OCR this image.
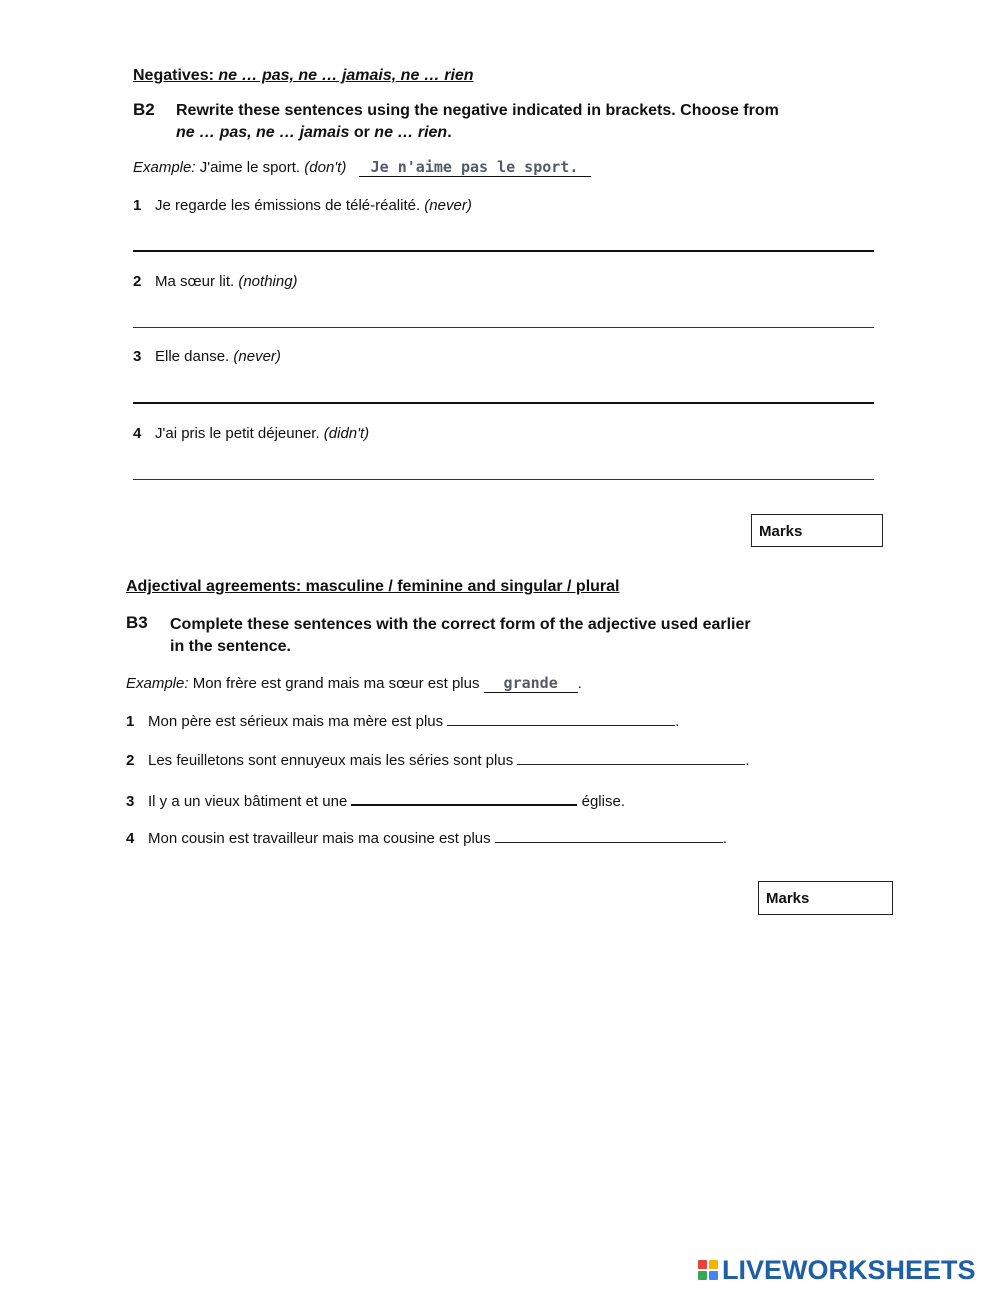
Negatives: ne … pas, ne … jamais, ne … rien
B2 Rewrite these sentences using the negative indicated in brackets. Choose from
ne … pas, ne … jamais or ne … rien.
Example: J'aime le sport. (don't) Je n'aime pas le sport.
1 Je regarde les émissions de télé-réalité. (never)
2 Ma sœur lit. (nothing)
3 Elle danse. (never)
4 J'ai pris le petit déjeuner. (didn't)
Marks
Adjectival agreements: masculine / feminine and singular / plural
B3 Complete these sentences with the correct form of the adjective used earlier
in the sentence.
Example: Mon frère est grand mais ma sœur est plus grande .
1 Mon père est sérieux mais ma mère est plus	.
2 Les feuilletons sont ennuyeux mais les séries sont plus	.
3 Il y a un vieux bâtiment et une	église.
4 Mon cousin est travailleur mais ma cousine est plus	.
Marks
LIVEWORKSHEETS
